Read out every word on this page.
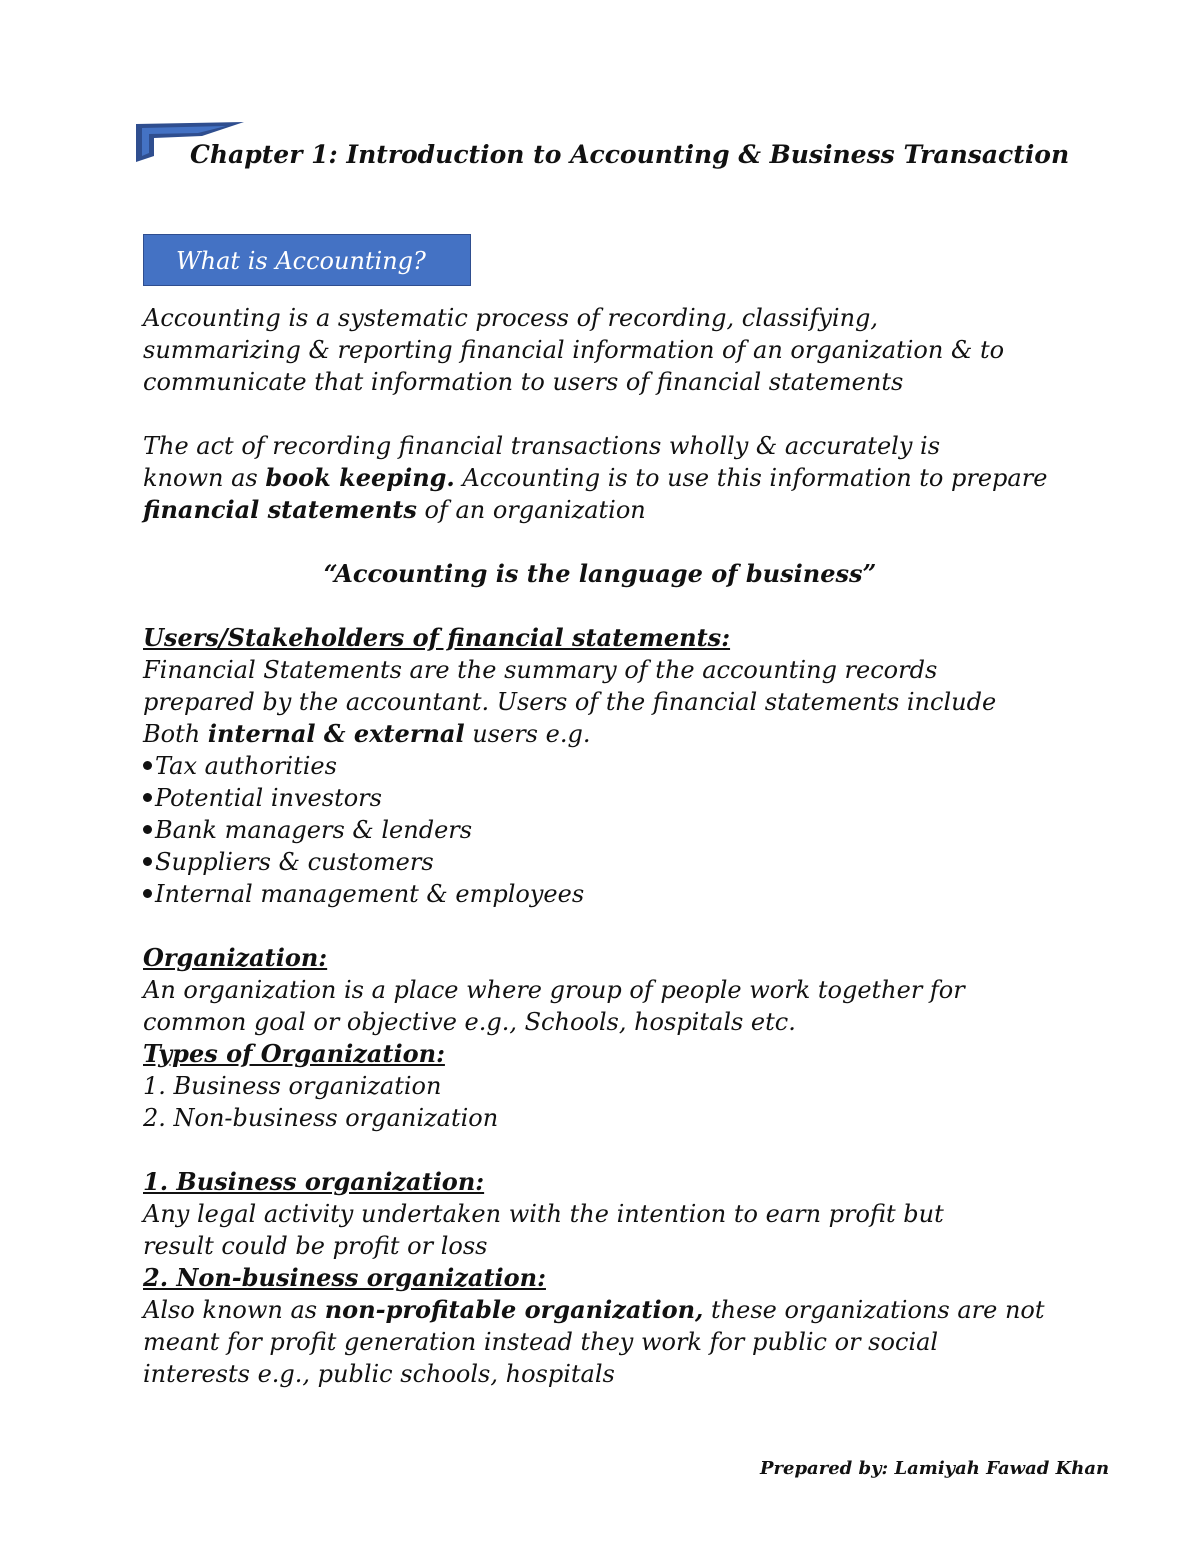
Chapter 1: Introduction to Accounting & Business Transaction
What is Accounting?

Accounting is a systematic process of recording, classifying,
summarizing & reporting financial information of an organization & to
communicate that information to users of financial statements

The act of recording financial transactions wholly & accurately is
known as book keeping. Accounting is to use this information to prepare
financial statements of an organization

“Accounting is the language of business”
Users/Stakeholders of financial statements:

Financial Statements are the summary of the accounting records
prepared by the accountant. Users of the financial statements include
Both internal & external users e.g.

Tax authorities
Potential investors
Bank managers & lenders
Suppliers & customers
Internal management & employees
Organization:

An organization is a place where group of people work together for
common goal or objective e.g., Schools, hospitals etc.

Types of Organization:
1. Business organization
2. Non-business organization
1. Business organization:

Any legal activity undertaken with the intention to earn profit but
result could be profit or loss

2. Non-business organization:

Also known as non-profitable organization, these organizations are not
meant for profit generation instead they work for public or social
interests e.g., public schools, hospitals

Prepared by: Lamiyah Fawad Khan
